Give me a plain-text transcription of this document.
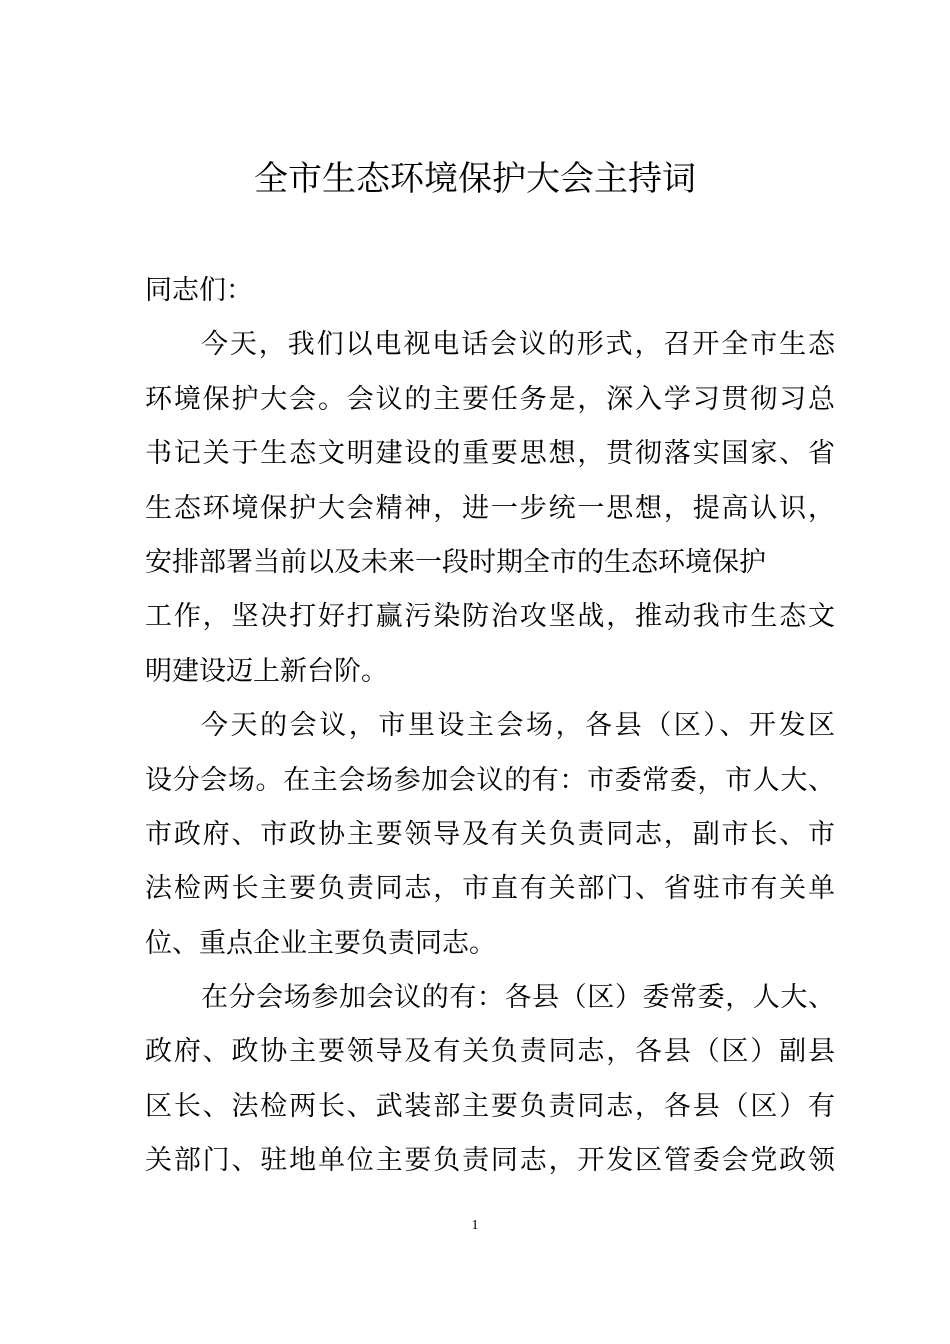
全市生态环境保护大会主持词
同志们：
今天，我们以电视电话会议的形式，召开全市生态
环境保护大会。会议的主要任务是，深入学习贯彻习总
书记关于生态文明建设的重要思想，贯彻落实国家、省
生态环境保护大会精神，进一步统一思想，提高认识，
安排部署当前以及未来一段时期全市的生态环境保护
工作，坚决打好打赢污染防治攻坚战，推动我市生态文
明建设迈上新台阶。
今天的会议，市里设主会场，各县（区）、开发区
设分会场。在主会场参加会议的有：市委常委，市人大、
市政府、市政协主要领导及有关负责同志，副市长、市
法检两长主要负责同志，市直有关部门、省驻市有关单
位、重点企业主要负责同志。
在分会场参加会议的有：各县（区）委常委，人大、
政府、政协主要领导及有关负责同志，各县（区）副县
区长、法检两长、武装部主要负责同志，各县（区）有
关部门、驻地单位主要负责同志，开发区管委会党政领
1
